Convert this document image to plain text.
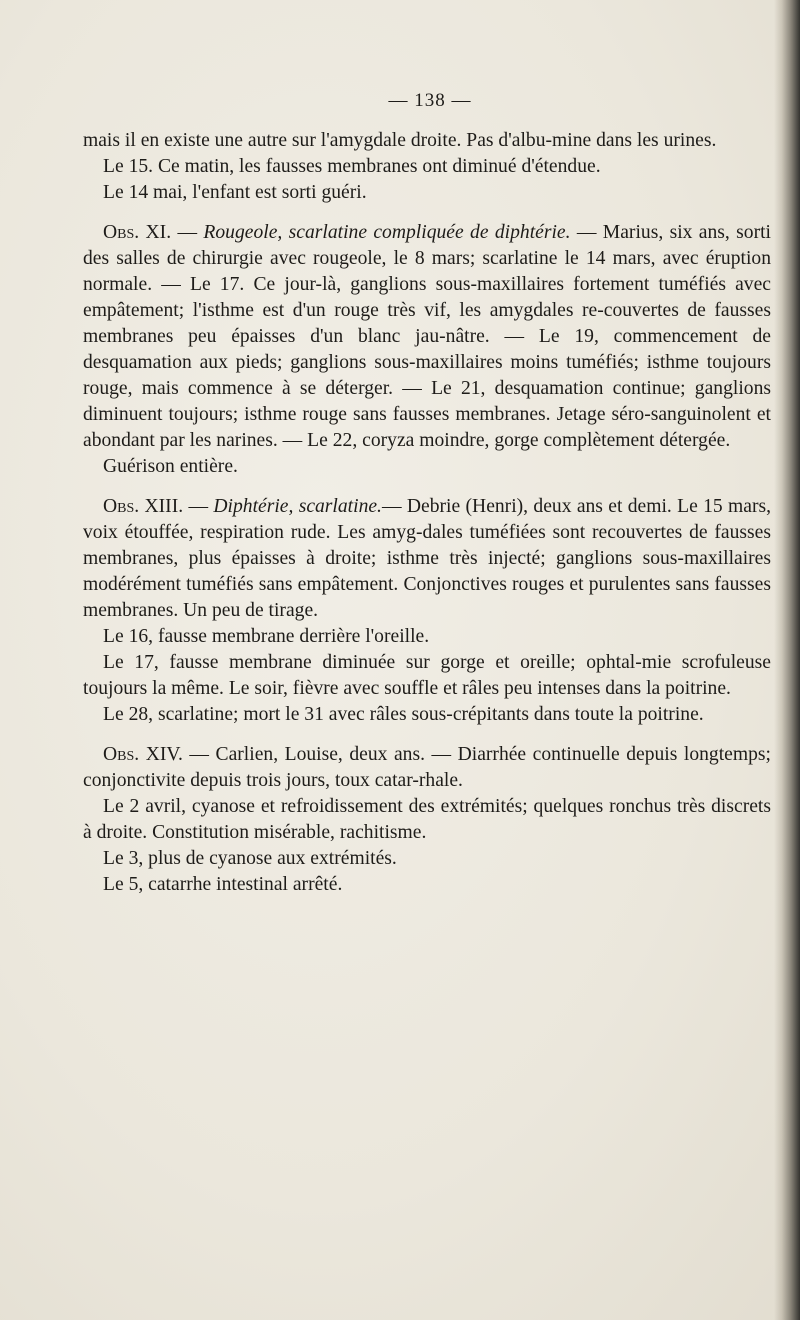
— 138 —

mais il en existe une autre sur l'amygdale droite. Pas d'albu-mine dans les urines.

Le 15. Ce matin, les fausses membranes ont diminué d'étendue.

Le 14 mai, l'enfant est sorti guéri.

Obs. XI. — Rougeole, scarlatine compliquée de diphtérie. — Marius, six ans, sorti des salles de chirurgie avec rougeole, le 8 mars; scarlatine le 14 mars, avec éruption normale. — Le 17. Ce jour-là, ganglions sous-maxillaires fortement tuméfiés avec empâtement; l'isthme est d'un rouge très vif, les amygdales re-couvertes de fausses membranes peu épaisses d'un blanc jau-nâtre. — Le 19, commencement de desquamation aux pieds; ganglions sous-maxillaires moins tuméfiés; isthme toujours rouge, mais commence à se déterger. — Le 21, desquamation continue; ganglions diminuent toujours; isthme rouge sans fausses membranes. Jetage séro-sanguinolent et abondant par les narines. — Le 22, coryza moindre, gorge complètement détergée.

Guérison entière.

Obs. XIII. — Diphtérie, scarlatine.— Debrie (Henri), deux ans et demi. Le 15 mars, voix étouffée, respiration rude. Les amyg-dales tuméfiées sont recouvertes de fausses membranes, plus épaisses à droite; isthme très injecté; ganglions sous-maxillaires modérément tuméfiés sans empâtement. Conjonctives rouges et purulentes sans fausses membranes. Un peu de tirage.

Le 16, fausse membrane derrière l'oreille.

Le 17, fausse membrane diminuée sur gorge et oreille; ophtal-mie scrofuleuse toujours la même. Le soir, fièvre avec souffle et râles peu intenses dans la poitrine.

Le 28, scarlatine; mort le 31 avec râles sous-crépitants dans toute la poitrine.

Obs. XIV. — Carlien, Louise, deux ans. — Diarrhée continuelle depuis longtemps; conjonctivite depuis trois jours, toux catar-rhale.

Le 2 avril, cyanose et refroidissement des extrémités; quelques ronchus très discrets à droite. Constitution misérable, rachitisme.

Le 3, plus de cyanose aux extrémités.

Le 5, catarrhe intestinal arrêté.
